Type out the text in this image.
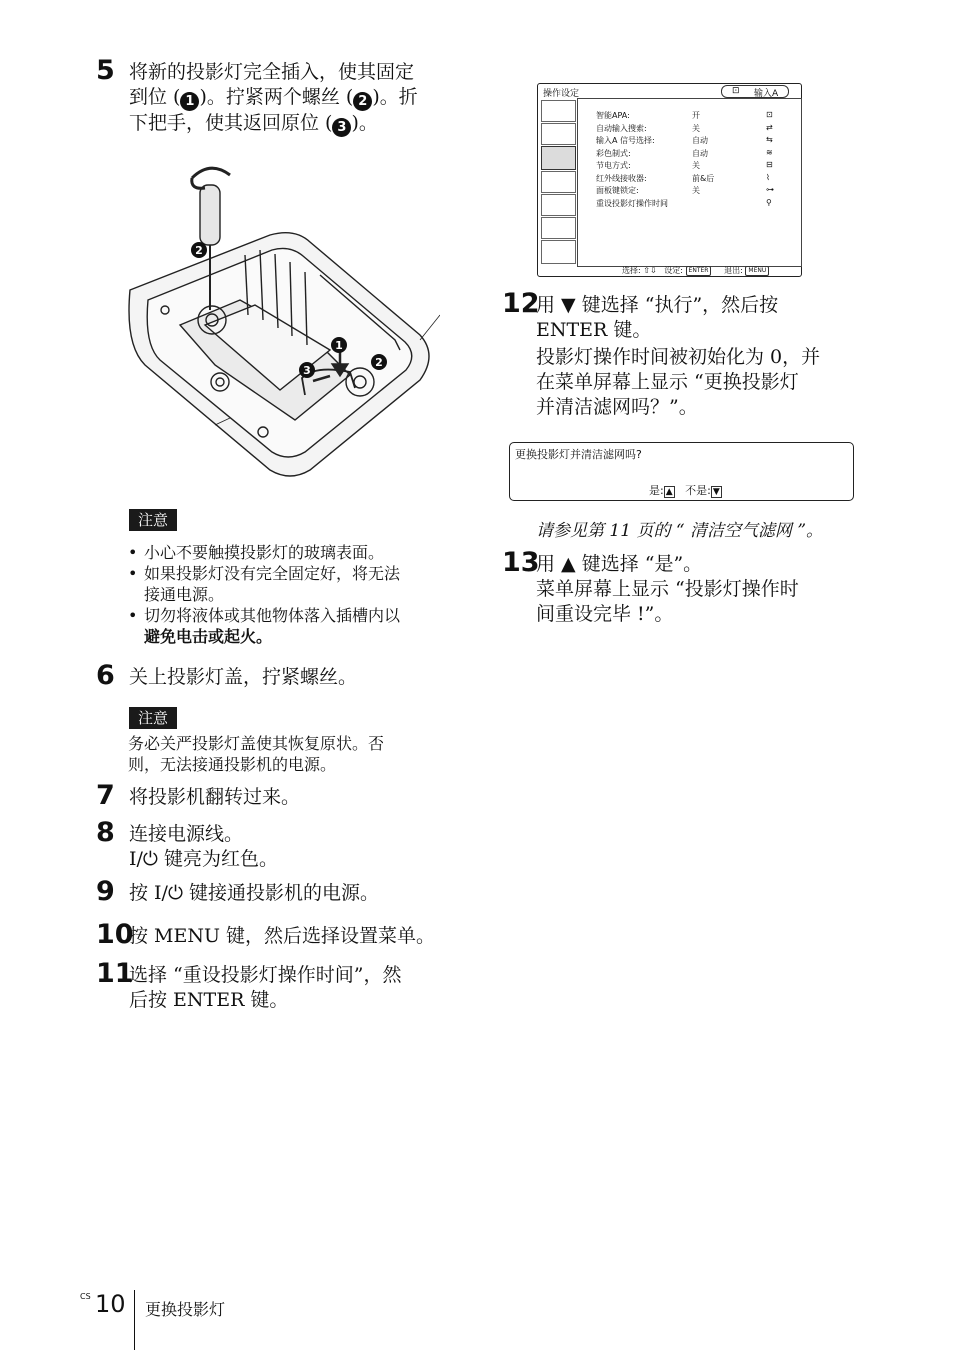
5 将新的投影灯完全插入，使其固定
到位 ( 1 )。拧紧两个螺丝 ( 2 )。折
下把手，使其返回原位 ( 3 )。
2
1
2
3
注意
• 小心不要触摸投影灯的玻璃表面。
• 如果投影灯没有完全固定好，将无法
接通电源。
• 切勿将液体或其他物体落入插槽内以
避免电击或起火。
6 关上投影灯盖，拧紧螺丝。
注意
务必关严投影灯盖使其恢复原状。否
则，无法接通投影机的电源。
7 将投影机翻转过来。
8 连接电源线。
I/⏻ 键亮为红色。
9 按 I/⏻ 键接通投影机的电源。
10
按 MENU 键，然后选择设置菜单。
11
选择 “重设投影灯操作时间”，然
后按 ENTER 键。
操作设定	⊡ 输入A
智能APA:	开	⊡
自动输入搜索:	关	⇄
输入A 信号选择:	自动	⇆
彩色制式:	自动	≋
节电方式:	关	⊟
红外线接收器:	前&后	⌇
面板键锁定:	关	⊶
重设投影灯操作时间	⚲
选择: ⇧⇩   设定: ENTER 退出: MENU
12
用 ▼ 键选择 “执行”，然后按
ENTER 键。
投影灯操作时间被初始化为 0，并
在菜单屏幕上显示 “更换投影灯
并清洁滤网吗？”。
更换投影灯并清洁滤网吗?
是: ▲ 不是: ▼
请参见第 11 页的 “ 清洁空气滤网 ”。
13
用 ▲ 键选择 “是”。
菜单屏幕上显示 “投影灯操作时
间重设完毕 !”。
CS 10 更换投影灯
